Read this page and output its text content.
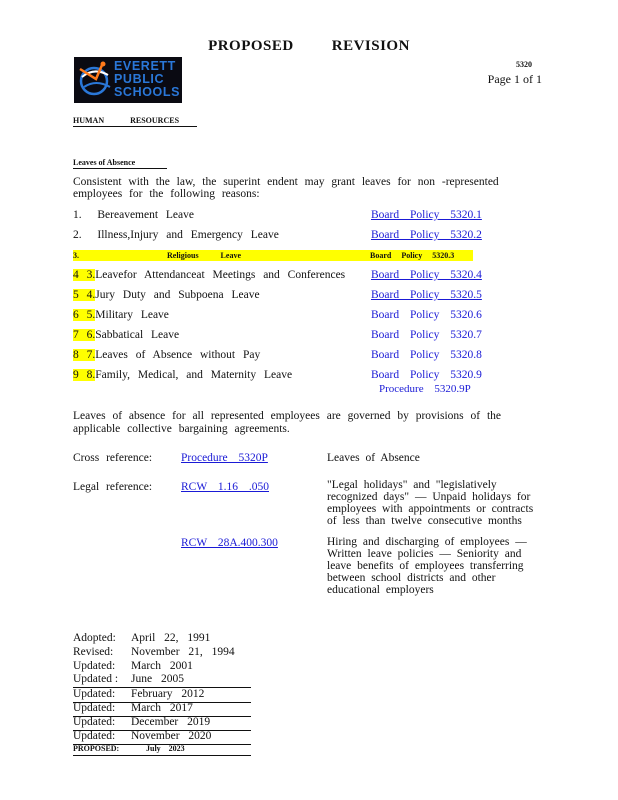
PROPOSED	REVISION
EVERETT
PUBLIC
SCHOOLS
5320
Page 1 of 1
HUMAN	RESOURCES
Leaves of Absence
Consistent with the law, the superint endent may grant leaves for non -represented employees for the following reasons:
1. Bereavement Leave	Board Policy 5320.1
2. Illness,Injury and Emergency Leave	Board Policy 5320.2
3.	Religious Leave	Board Policy 5320.3
4 3.Leavefor Attendanceat Meetings and Conferences Board Policy 5320.4
5 4.Jury Duty and Subpoena Leave	Board Policy 5320.5
6 5.Military Leave	Board Policy 5320.6
7 6.Sabbatical Leave	Board Policy 5320.7
8 7.Leaves of Absence without Pay	Board Policy 5320.8
9 8.Family, Medical, and Maternity Leave	Board Policy 5320.9
Procedure 5320.9P
Leaves of absence for all represented employees are governed by provisions of the applicable collective bargaining agreements.
Cross reference:	Procedure 5320P	Leaves of Absence
Legal reference:	RCW 1.16 .050	"Legal holidays" and "legislatively recognized days" — Unpaid holidays for employees with appointments or contracts of less than twelve consecutive months
RCW 28A.400.300	Hiring and discharging of employees — Written leave policies — Seniority and leave benefits of employees transferring between school districts and other educational employers
Adopted: April 22, 1991
Revised: November 21, 1994
Updated: March 2001
Updated : June 2005
Updated: February 2012
Updated: March 2017
Updated: December 2019
Updated: November 2020
PROPOSED:	July 2023
